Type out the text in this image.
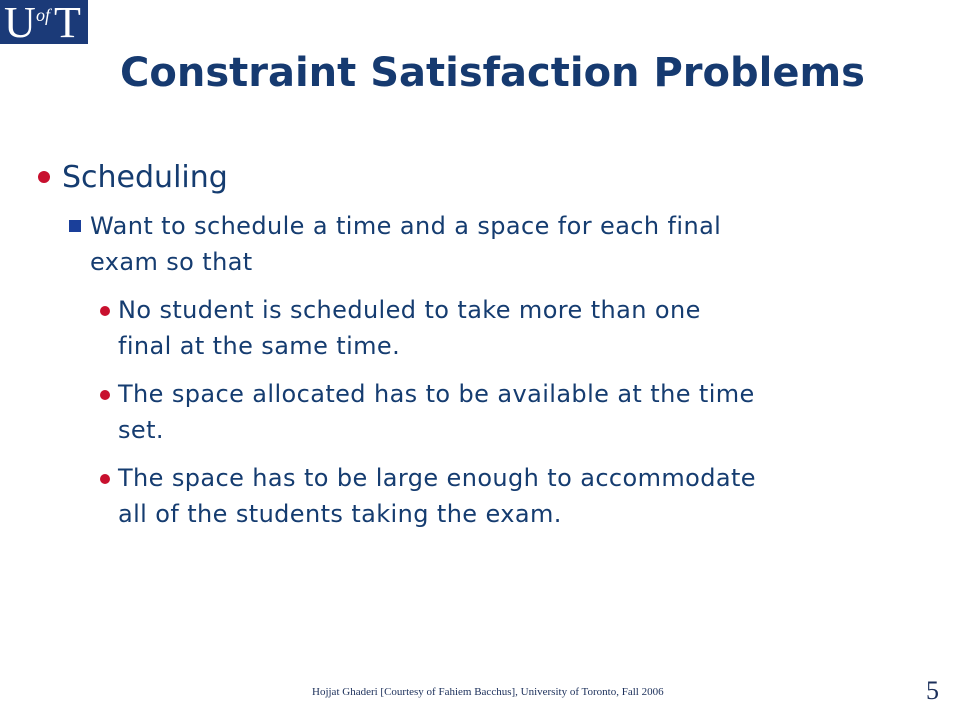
U of T
Constraint Satisfaction Problems
Scheduling
Want to schedule a time and a space for each final
exam so that
No student is scheduled to take more than one
final at the same time.
The space allocated has to be available at the time
set.
The space has to be large enough to accommodate
all of the students taking the exam.
Hojjat Ghaderi [Courtesy of Fahiem Bacchus], University of Toronto, Fall 2006	5
